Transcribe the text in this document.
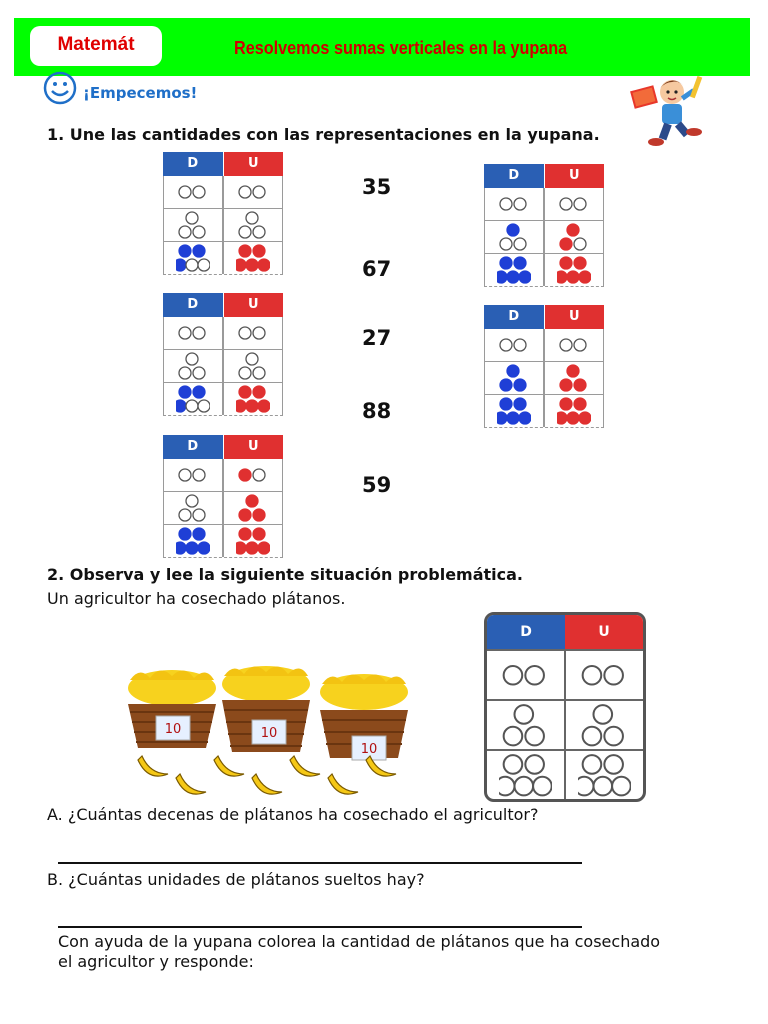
Matemát	Resolvemos sumas verticales en la yupana
¡Empecemos!
1. Une las cantidades con las representaciones en la yupana.
D	U
D	U
D	U
35
67
27
88
59
D	U
D	U
2. Observa y lee la siguiente situación problemática.
Un agricultor ha cosechado plátanos.
10	10
10
D	U
A. ¿Cuántas decenas de plátanos ha cosechado el agricultor?
B. ¿Cuántas unidades de plátanos sueltos hay?
Con ayuda de la yupana colorea la cantidad de plátanos que ha cosechado el agricultor y responde:
